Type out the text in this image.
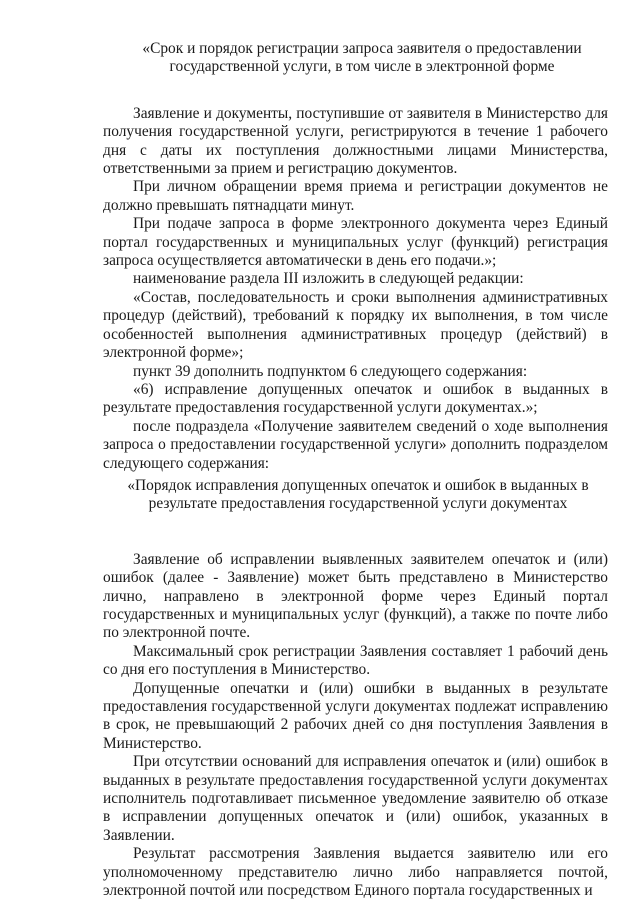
«Срок и порядок регистрации запроса заявителя о предоставлении государственной услуги, в том числе в электронной форме

Заявление и документы, поступившие от заявителя в Министерство для получения государственной услуги, регистрируются в течение 1 рабочего дня с даты их поступления должностными лицами Министерства, ответственными за прием и регистрацию документов.

При личном обращении время приема и регистрации документов не должно превышать пятнадцати минут.

При подаче запроса в форме электронного документа через Единый портал государственных и муниципальных услуг (функций) регистрация запроса осуществляется автоматически в день его подачи.»;

наименование раздела III изложить в следующей редакции:

«Состав, последовательность и сроки выполнения административных процедур (действий), требований к порядку их выполнения, в том числе особенностей выполнения административных процедур (действий) в электронной форме»;

пункт 39 дополнить подпунктом 6 следующего содержания:

«6) исправление допущенных опечаток и ошибок в выданных в результате предоставления государственной услуги документах.»;

после подраздела «Получение заявителем сведений о ходе выполнения запроса о предоставлении государственной услуги» дополнить подразделом следующего содержания:

«Порядок исправления допущенных опечаток и ошибок в выданных в результате предоставления государственной услуги документах

Заявление об исправлении выявленных заявителем опечаток и (или) ошибок (далее - Заявление) может быть представлено в Министерство лично, направлено в электронной форме через Единый портал государственных и муниципальных услуг (функций), а также по почте либо по электронной почте.

Максимальный срок регистрации Заявления составляет 1 рабочий день со дня его поступления в Министерство.

Допущенные опечатки и (или) ошибки в выданных в результате предоставления государственной услуги документах подлежат исправлению в срок, не превышающий 2 рабочих дней со дня поступления Заявления в Министерство.

При отсутствии оснований для исправления опечаток и (или) ошибок в выданных в результате предоставления государственной услуги документах исполнитель подготавливает письменное уведомление заявителю об отказе в исправлении допущенных опечаток и (или) ошибок, указанных в Заявлении.

Результат рассмотрения Заявления выдается заявителю или его уполномоченному представителю лично либо направляется почтой, электронной почтой или посредством Единого портала государственных и
